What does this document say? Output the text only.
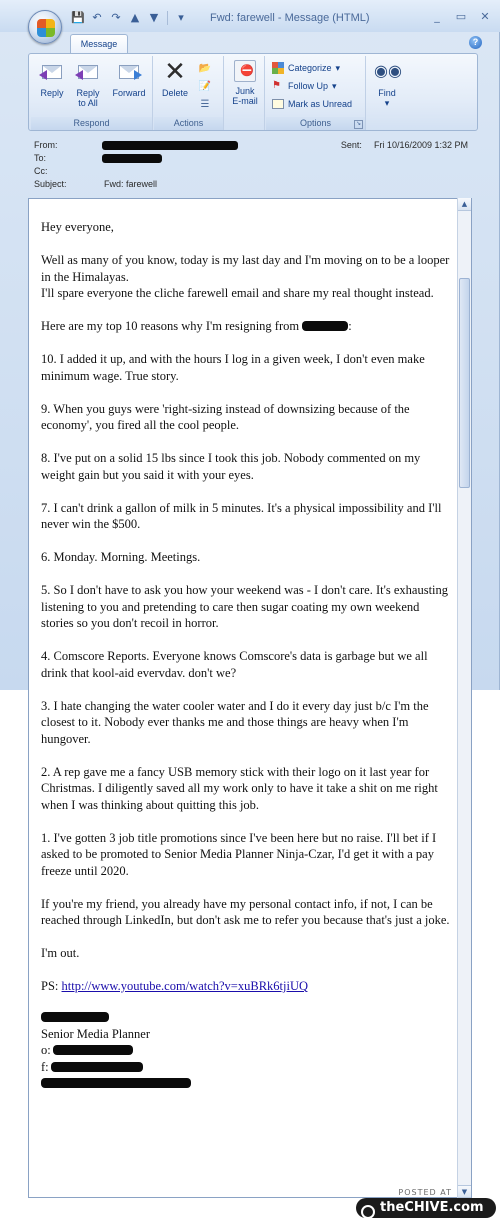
💾 ↶ ↷ ▲ ▼	▾	Fwd: farewell - Message (HTML)	_	▭ ✕
Message	?
Reply	Reply
to All
Forward
Respond
✕
Delete
📂
📝
☰
Actions
⛔
Junk
E-mail
Categorize ▾
⚑ Follow Up ▾
Mark as Unread
Options	↘
◉◉
Find
▾
From:	Sent: Fri 10/16/2009 1:32 PM
To:
Cc:
Subject:	Fwd: farewell
▲
▼

Hey everyone,

Well as many of you know, today is my last day and I'm moving on to be a looper in the Himalayas.

I'll spare everyone the cliche farewell email and share my real thought instead.

Here are my top 10 reasons why I'm resigning from	:

10. I added it up, and with the hours I log in a given week, I don't even make minimum wage. True story.

9. When you guys were 'right-sizing instead of downsizing because of the economy', you fired all the cool people.

8. I've put on a solid 15 lbs since I took this job. Nobody commented on my weight gain but you said it with your eyes.

7. I can't drink a gallon of milk in 5 minutes. It's a physical impossibility and I'll never win the $500.

6. Monday. Morning. Meetings.

5. So I don't have to ask you how your weekend was - I don't care. It's exhausting listening to you and pretending to care then sugar coating my own weekend stories so you don't recoil in horror.

4. Comscore Reports. Everyone knows Comscore's data is garbage but we all drink that kool-aid evervdav. don't we?

3. I hate changing the water cooler water and I do it every day just b/c I'm the closest to it. Nobody ever thanks me and those things are heavy when I'm hungover.

2. A rep gave me a fancy USB memory stick with their logo on it last year for Christmas. I diligently saved all my work only to have it take a shit on me right when I was thinking about quitting this job.

1. I've gotten 3 job title promotions since I've been here but no raise. I'll bet if I asked to be promoted to Senior Media Planner Ninja-Czar, I'd get it with a pay freeze until 2020.

If you're my friend, you already have my personal contact info, if not, I can be reached through LinkedIn, but don't ask me to refer you because that's just a joke.

I'm out.

PS: http://www.youtube.com/watch?v=xuBRk6tjiUQ

Senior Media Planner
o:
f:
POSTED AT
theCHIVE.com
